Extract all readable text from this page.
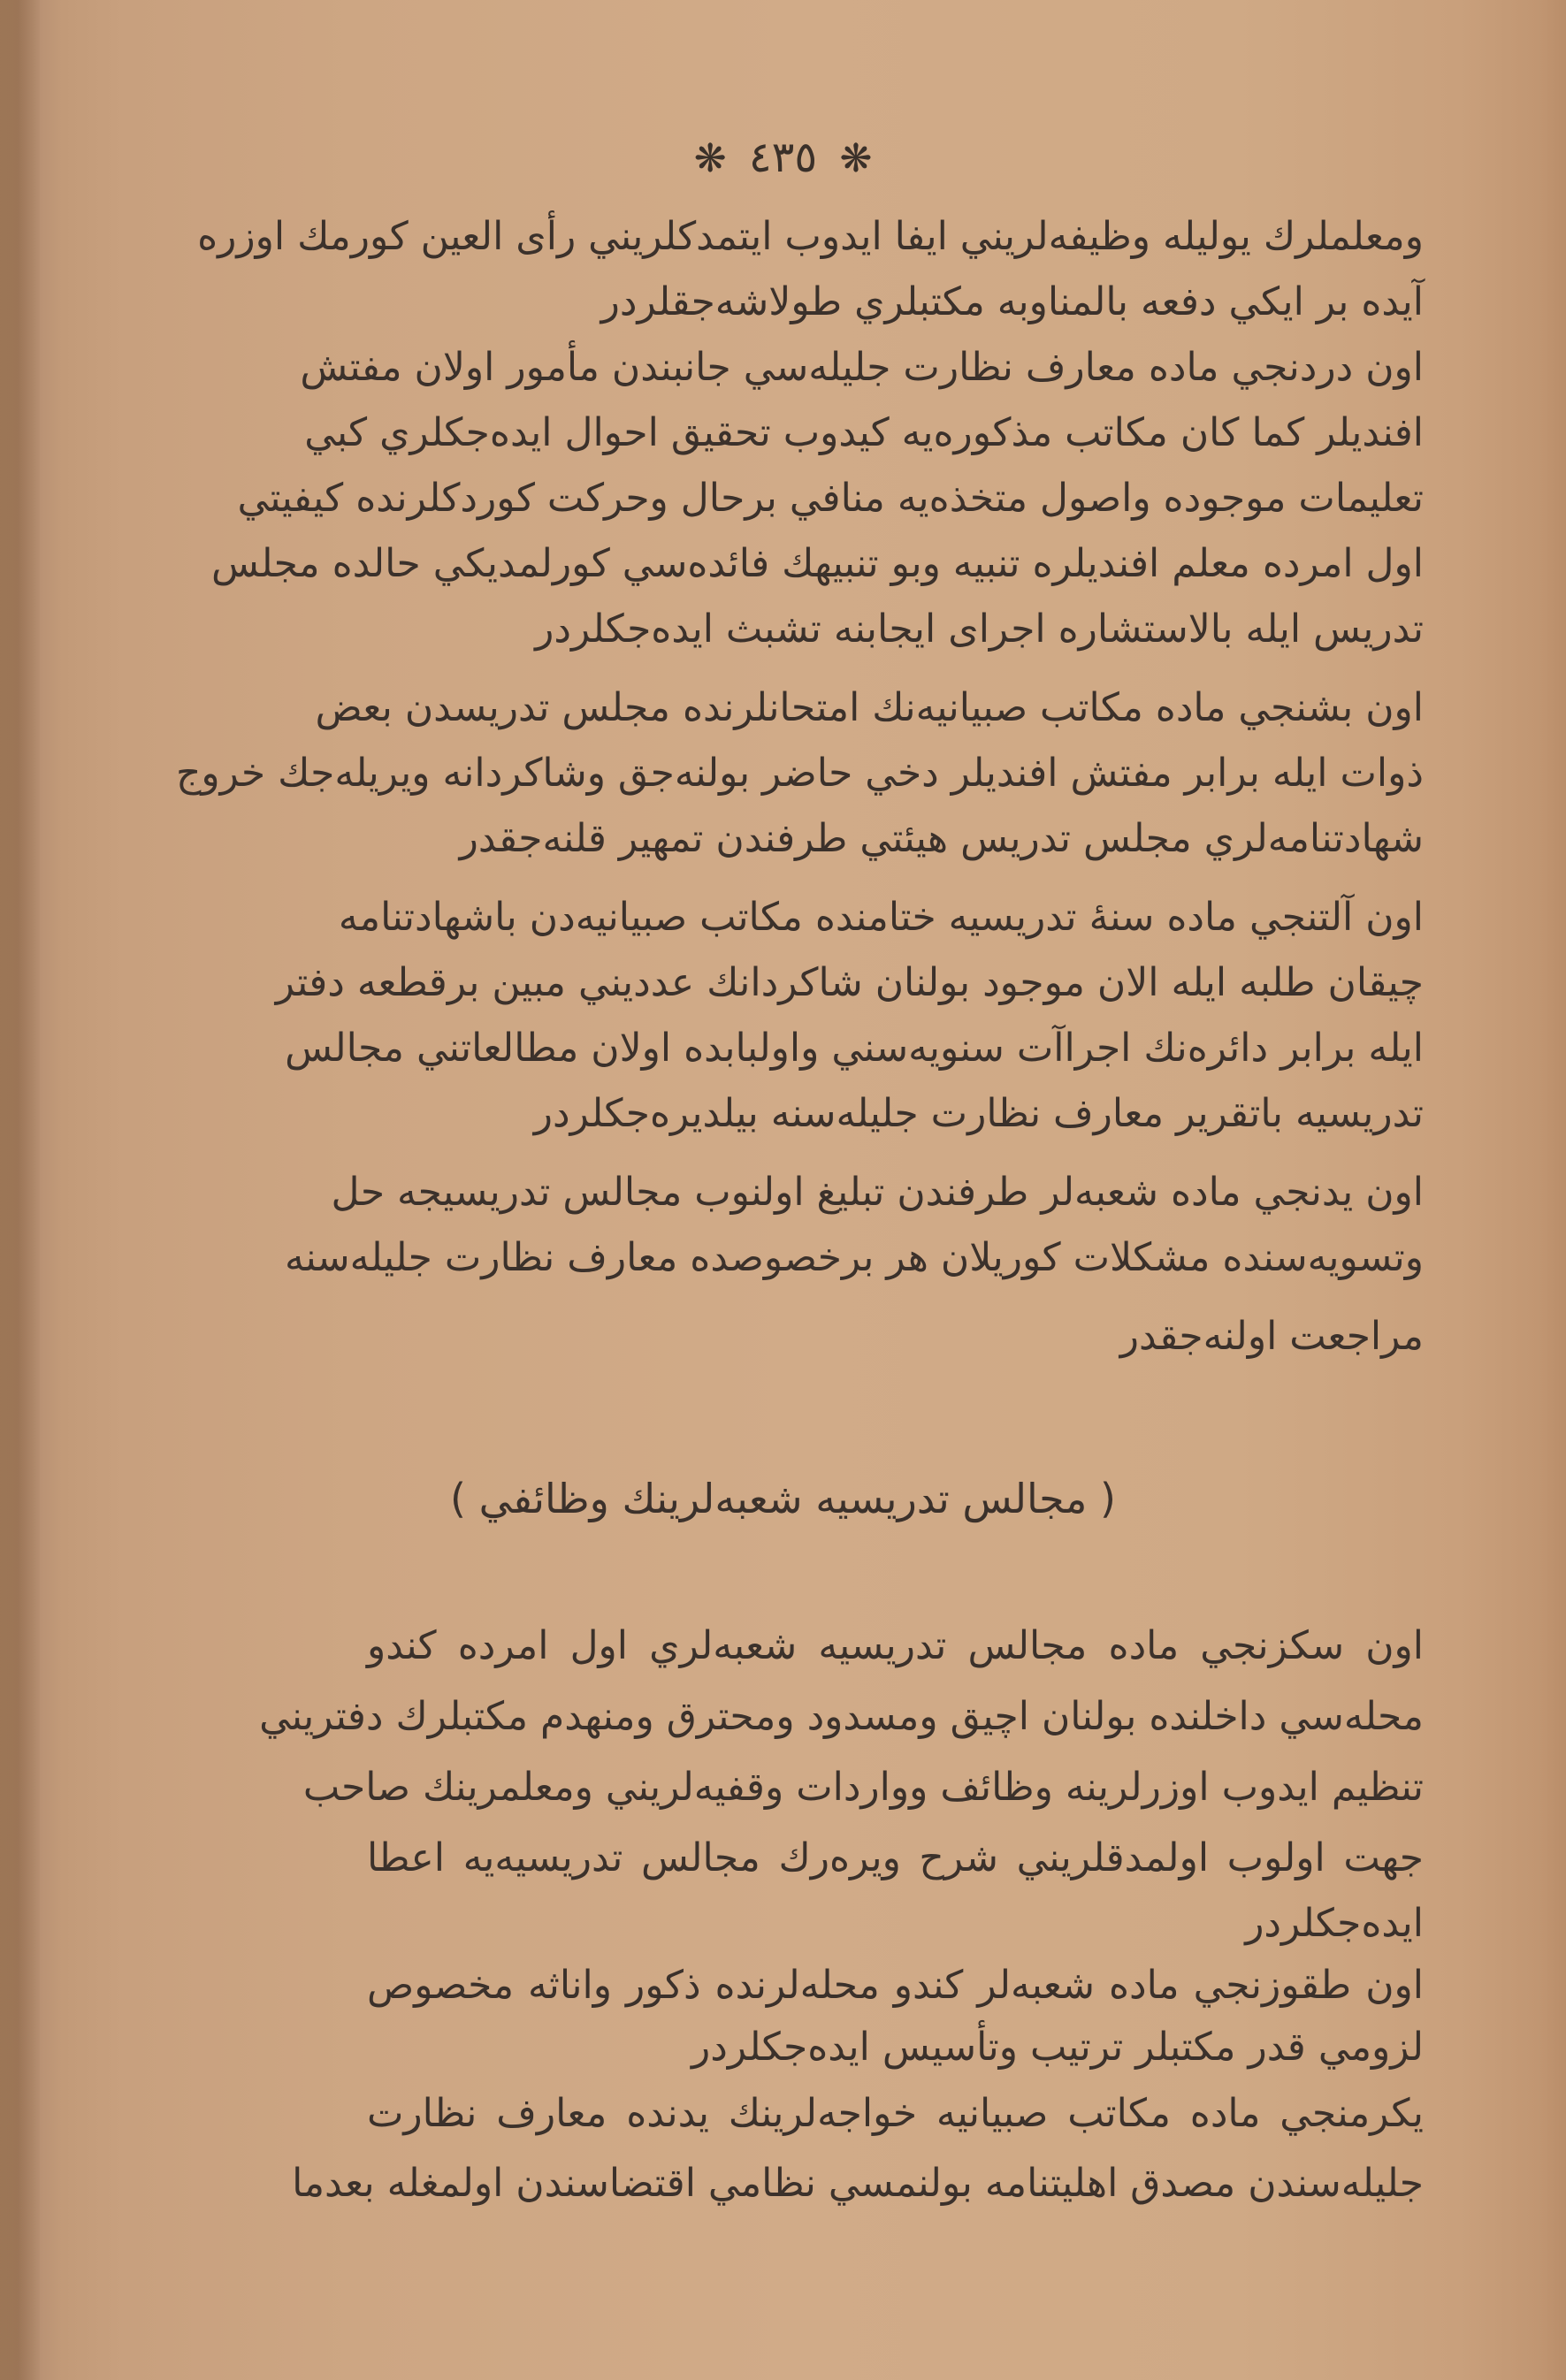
❋ ٤٣٥ ❋
ومعلملرك يوليله وظيفه‌لريني ايفا ايدوب ايتمدكلريني رأى العين كورمك اوزره
آيده بر ايكي دفعه بالمناوبه مكتبلري طولاشه‌جقلردر
اون دردنجي ماده معارف نظارت جليله‌سي جانبندن مأمور اولان مفتش
افنديلر كما كان مكاتب مذكوره‌يه كيدوب تحقيق احوال ايده‌جكلري كبي
تعليمات موجوده واصول متخذه‌يه منافي برحال وحركت كوردكلرنده كيفيتي
اول امرده معلم افنديلره تنبيه وبو تنبيهك فائده‌سي كورلمديكي حالده مجلس
تدريس ايله بالاستشاره اجراى ايجابنه تشبث ايده‌جكلردر
اون بشنجي ماده مكاتب صبيانيه‌نك امتحانلرنده مجلس تدريسدن بعض
ذوات ايله برابر مفتش افنديلر دخي حاضر بولنه‌جق وشاكردانه ويريله‌جك خروج
شهادتنامه‌لري مجلس تدريس هيئتي طرفندن تمهير قلنه‌جقدر
اون آلتنجي ماده سنهٔ تدريسيه ختامنده مكاتب صبيانيه‌دن باشهادتنامه
چيقان طلبه ايله الان موجود بولنان شاكردانك عدديني مبين برقطعه دفتر
ايله برابر دائره‌نك اجراآت سنويه‌سني واولبابده اولان مطالعاتني مجالس
تدريسيه باتقرير معارف نظارت جليله‌سنه بيلديره‌جكلردر
اون يدنجي ماده شعبه‌لر طرفندن تبليغ اولنوب مجالس تدريسيجه حل
وتسويه‌سنده مشكلات كوريلان هر برخصوصده معارف نظارت جليله‌سنه
مراجعت اولنه‌جقدر
( مجالس تدريسيه شعبه‌لرينك وظائفي )
اون سكزنجي ماده مجالس تدريسيه شعبه‌لري اول امرده كندو
محله‌سي داخلنده بولنان اچيق ومسدود ومحترق ومنهدم مكتبلرك دفتريني
تنظيم ايدوب اوزرلرينه وظائف وواردات وقفيه‌لريني ومعلمرينك صاحب
جهت اولوب اولمدقلريني شرح ويره‌رك مجالس تدريسيه‌يه اعطا
ايده‌جكلردر
اون طقوزنجي ماده شعبه‌لر كندو محله‌لرنده ذكور واناثه مخصوص
لزومي قدر مكتبلر ترتيب وتأسيس ايده‌جكلردر
يكرمنجي ماده مكاتب صبيانيه خواجه‌لرينك يدنده معارف نظارت
جليله‌سندن مصدق اهليتنامه بولنمسي نظامي اقتضاسندن اولمغله بعدما
